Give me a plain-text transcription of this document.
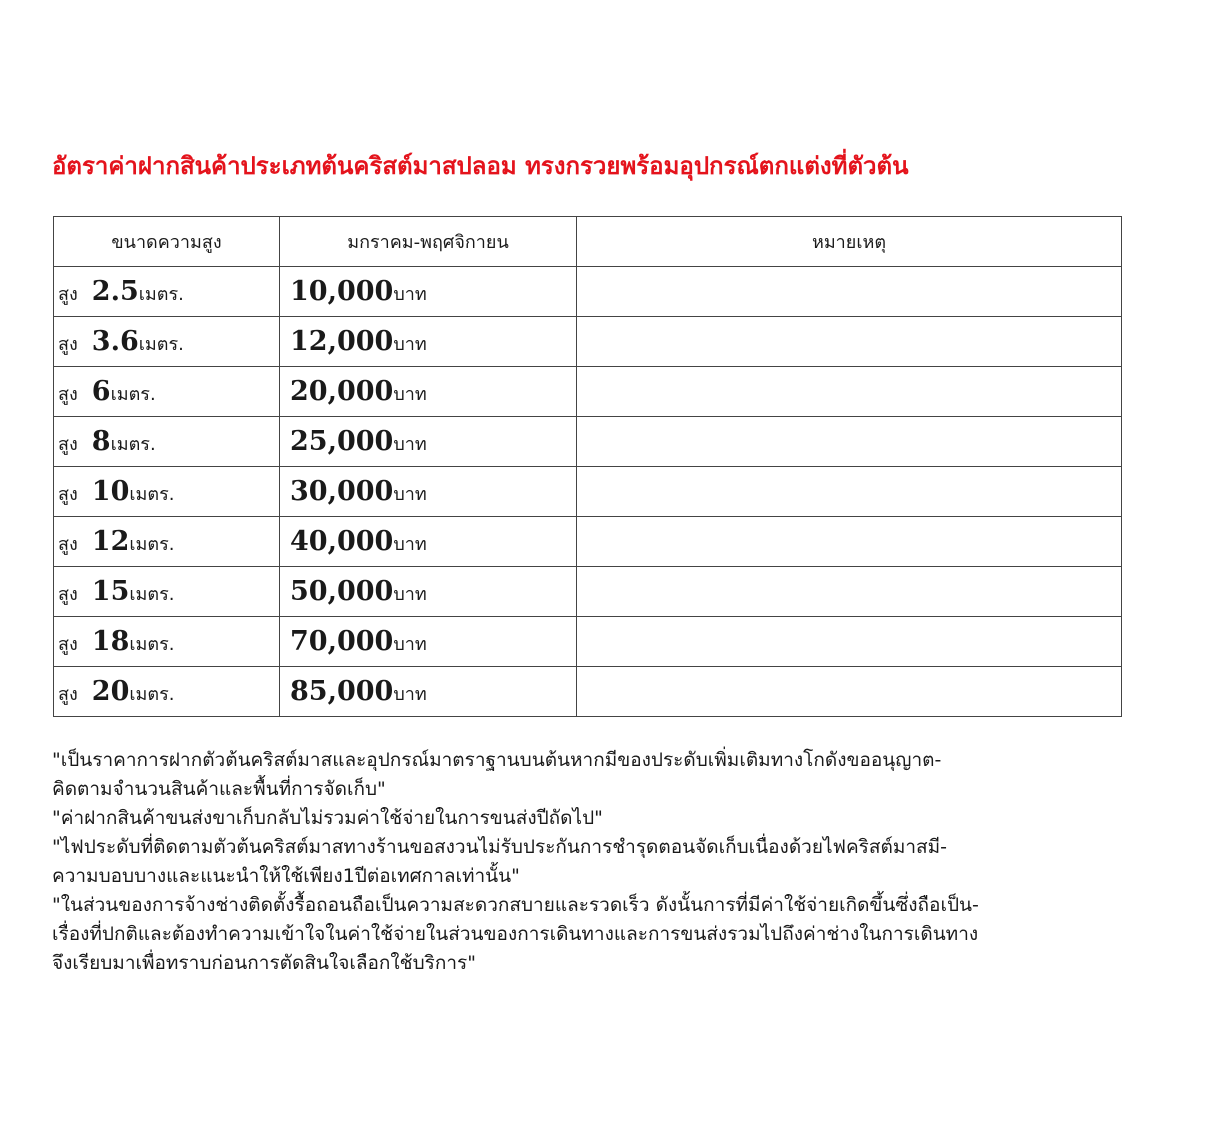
อัตราค่าฝากสินค้าประเภทต้นคริสต์มาสปลอม ทรงกรวยพร้อมอุปกรณ์ตกแต่งที่ตัวต้น
ขนาดความสูง	มกราคม-พฤศจิกายน	หมายเหตุ
สูง 2.5เมตร.	10,000บาท	
สูง 3.6เมตร.	12,000บาท	
สูง 6เมตร.	20,000บาท	
สูง 8เมตร.	25,000บาท	
สูง 10เมตร.	30,000บาท	
สูง 12เมตร.	40,000บาท	
สูง 15เมตร.	50,000บาท	
สูง 18เมตร.	70,000บาท	
สูง 20เมตร.	85,000บาท	

"เป็นราคาการฝากตัวต้นคริสต์มาสและอุปกรณ์มาตราฐานบนต้นหากมีของประดับเพิ่มเติมทางโกดังขออนุญาต-

คิดตามจำนวนสินค้าและพื้นที่การจัดเก็บ"

"ค่าฝากสินค้าขนส่งขาเก็บกลับไม่รวมค่าใช้จ่ายในการขนส่งปีถัดไป"

"ไฟประดับที่ติดตามตัวต้นคริสต์มาสทางร้านขอสงวนไม่รับประกันการชำรุดตอนจัดเก็บเนื่องด้วยไฟคริสต์มาสมี-

ความบอบบางและแนะนำให้ใช้เพียง1ปีต่อเทศกาลเท่านั้น"

"ในส่วนของการจ้างช่างติดตั้งรื้อถอนถือเป็นความสะดวกสบายและรวดเร็ว ดังนั้นการที่มีค่าใช้จ่ายเกิดขึ้นซึ่งถือเป็น-

เรื่องที่ปกติและต้องทำความเข้าใจในค่าใช้จ่ายในส่วนของการเดินทางและการขนส่งรวมไปถึงค่าช่างในการเดินทาง

จึงเรียบมาเพื่อทราบก่อนการตัดสินใจเลือกใช้บริการ"
